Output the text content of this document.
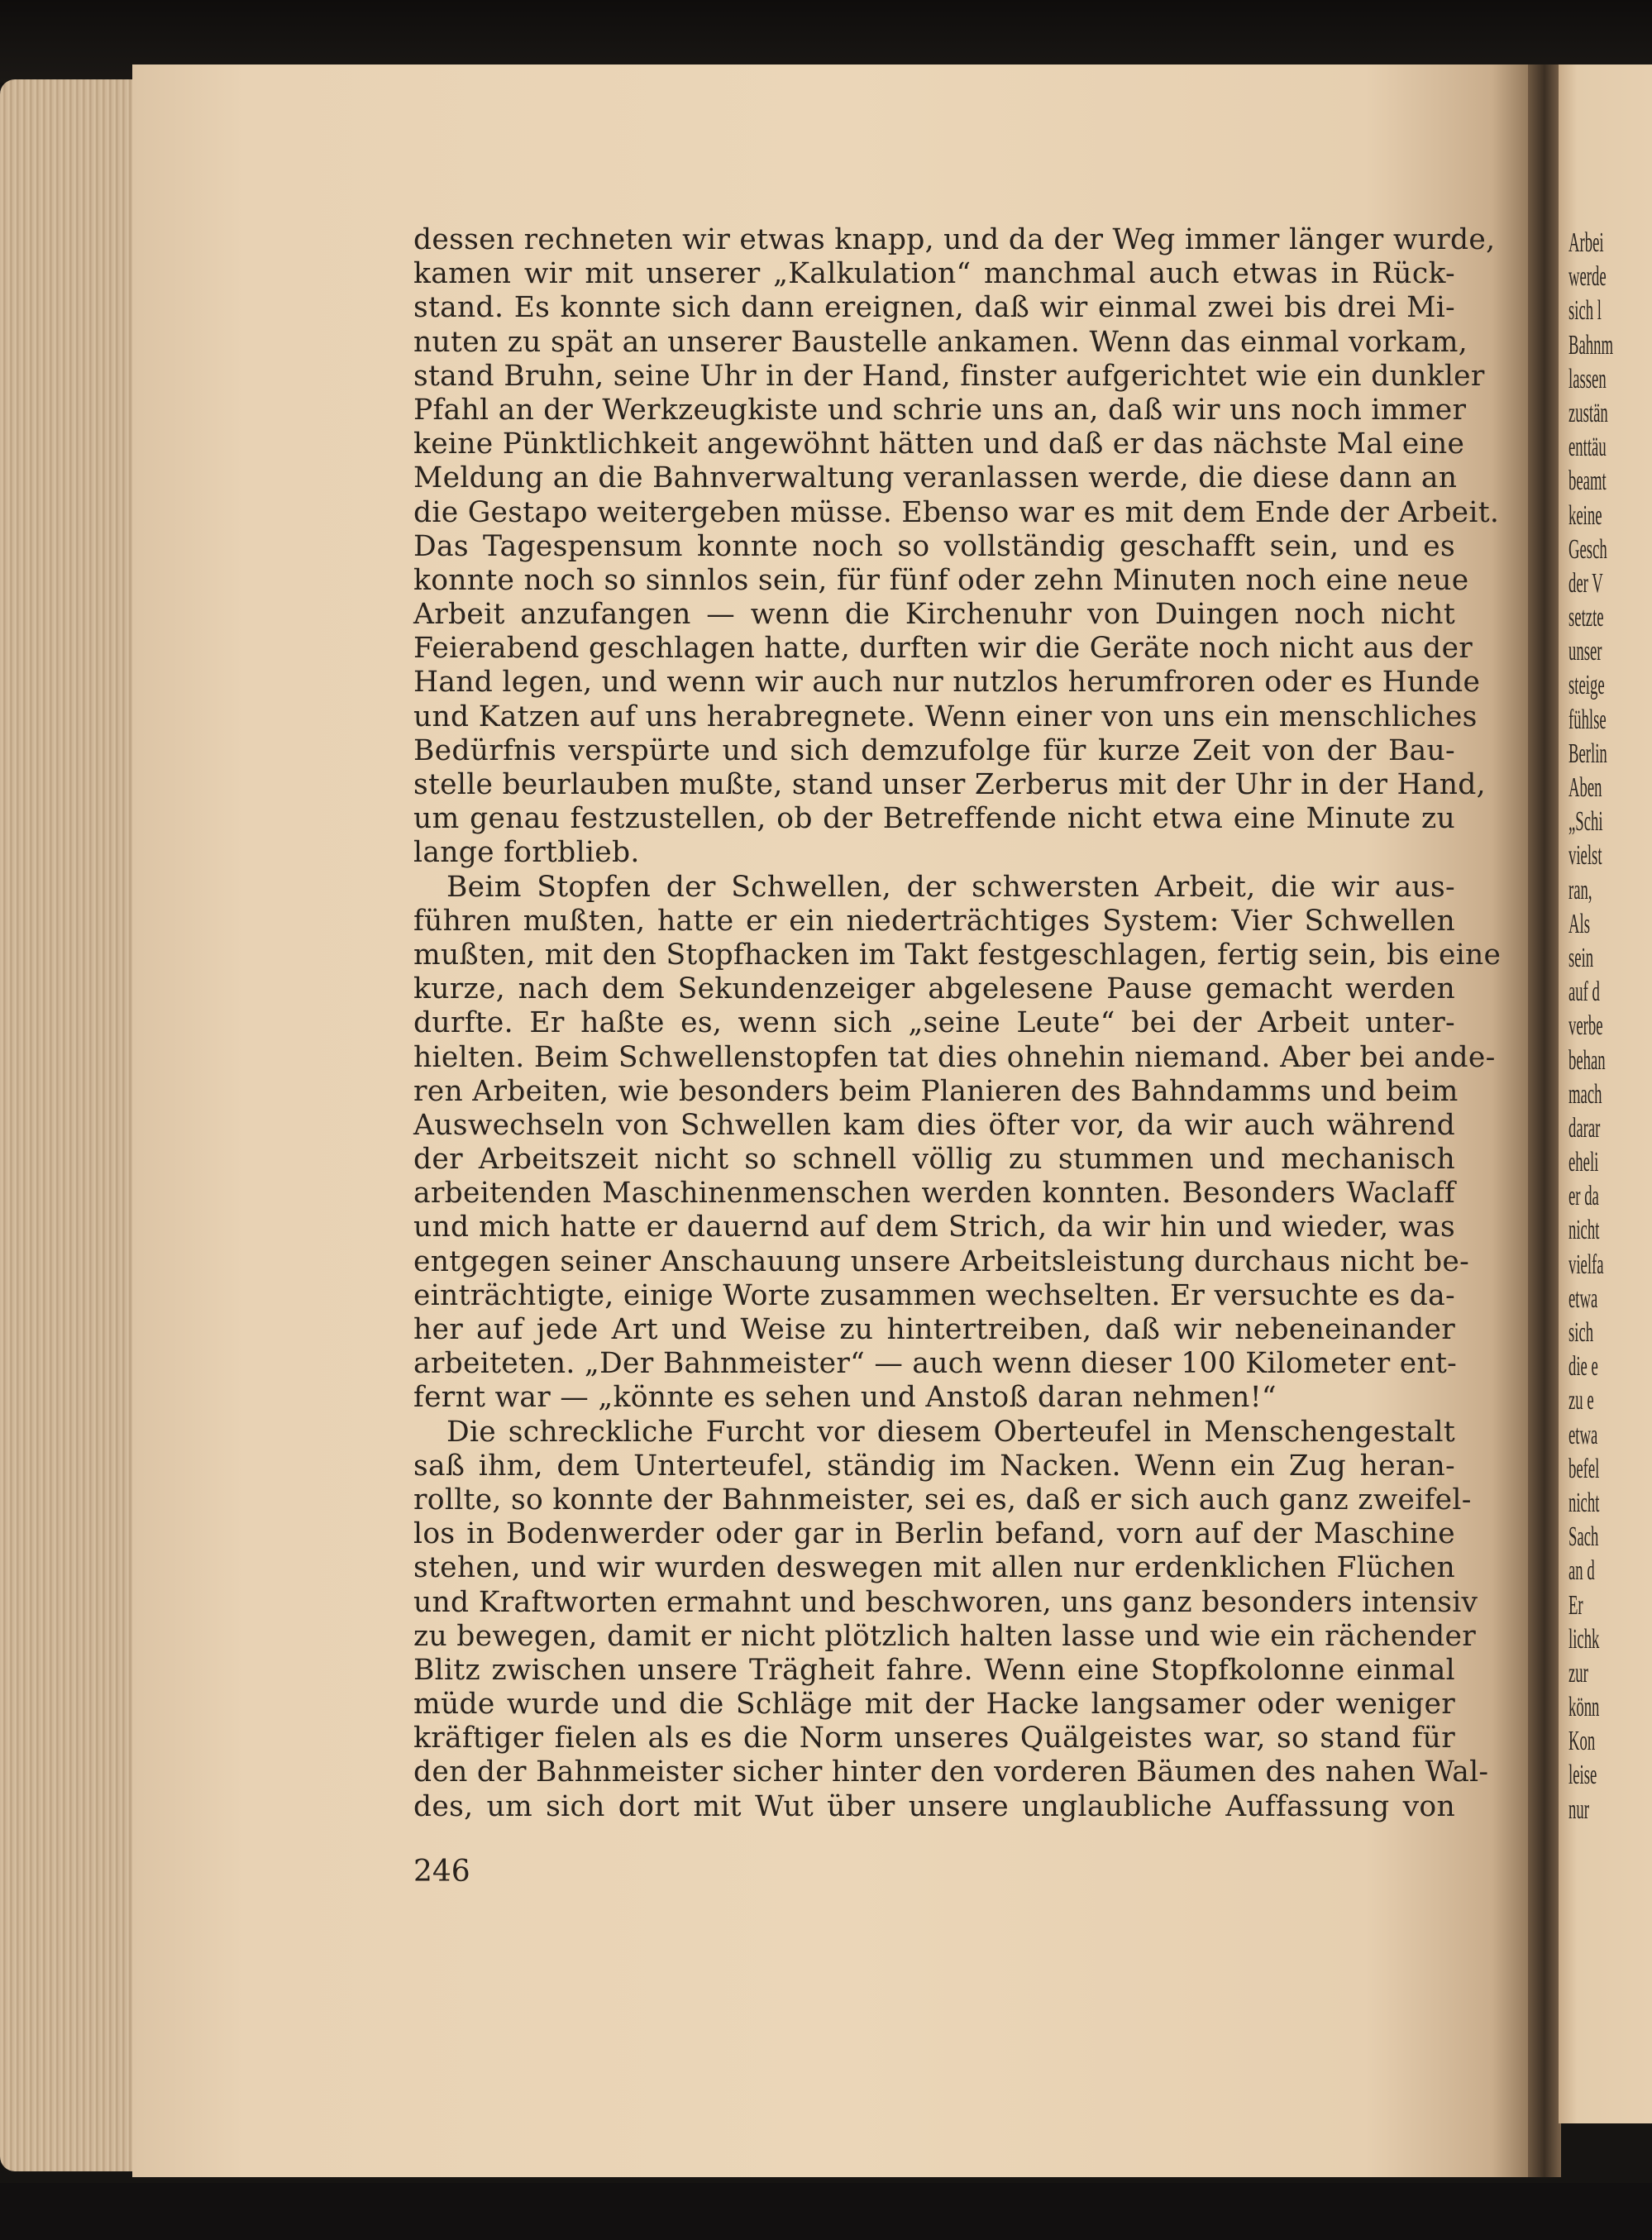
Arbei
werde
sich l
Bahnm
lassen
zustän
enttäu
beamt
keine
Gesch
der V
setzte
unser
steige
fühlse
Berlin
Aben
„Schi
vielst
ran,
Als
sein
auf d
verbe
behan
mach
darar
eheli
er da
nicht
vielfa
etwa
sich
die e
zu e
etwa
befel
nicht
Sach
an d
Er
lichk
zur
könn
Kon
leise
nur
dessen rechneten wir etwas knapp, und da der Weg immer länger wurde,
kamen wir mit unserer „Kalkulation“ manchmal auch etwas in Rück-
stand. Es konnte sich dann ereignen, daß wir einmal zwei bis drei Mi-
nuten zu spät an unserer Baustelle ankamen. Wenn das einmal vorkam,
stand Bruhn, seine Uhr in der Hand, finster aufgerichtet wie ein dunkler
Pfahl an der Werkzeugkiste und schrie uns an, daß wir uns noch immer
keine Pünktlichkeit angewöhnt hätten und daß er das nächste Mal eine
Meldung an die Bahnverwaltung veranlassen werde, die diese dann an
die Gestapo weitergeben müsse. Ebenso war es mit dem Ende der Arbeit.
Das Tagespensum konnte noch so vollständig geschafft sein, und es
konnte noch so sinnlos sein, für fünf oder zehn Minuten noch eine neue
Arbeit anzufangen — wenn die Kirchenuhr von Duingen noch nicht
Feierabend geschlagen hatte, durften wir die Geräte noch nicht aus der
Hand legen, und wenn wir auch nur nutzlos herumfroren oder es Hunde
und Katzen auf uns herabregnete. Wenn einer von uns ein menschliches
Bedürfnis verspürte und sich demzufolge für kurze Zeit von der Bau-
stelle beurlauben mußte, stand unser Zerberus mit der Uhr in der Hand,
um genau festzustellen, ob der Betreffende nicht etwa eine Minute zu
lange fortblieb.
Beim Stopfen der Schwellen, der schwersten Arbeit, die wir aus-
führen mußten, hatte er ein niederträchtiges System: Vier Schwellen
mußten, mit den Stopfhacken im Takt festgeschlagen, fertig sein, bis eine
kurze, nach dem Sekundenzeiger abgelesene Pause gemacht werden
durfte. Er haßte es, wenn sich „seine Leute“ bei der Arbeit unter-
hielten. Beim Schwellenstopfen tat dies ohnehin niemand. Aber bei ande-
ren Arbeiten, wie besonders beim Planieren des Bahndamms und beim
Auswechseln von Schwellen kam dies öfter vor, da wir auch während
der Arbeitszeit nicht so schnell völlig zu stummen und mechanisch
arbeitenden Maschinenmenschen werden konnten. Besonders Waclaff
und mich hatte er dauernd auf dem Strich, da wir hin und wieder, was
entgegen seiner Anschauung unsere Arbeitsleistung durchaus nicht be-
einträchtigte, einige Worte zusammen wechselten. Er versuchte es da-
her auf jede Art und Weise zu hintertreiben, daß wir nebeneinander
arbeiteten. „Der Bahnmeister“ — auch wenn dieser 100 Kilometer ent-
fernt war — „könnte es sehen und Anstoß daran nehmen!“
Die schreckliche Furcht vor diesem Oberteufel in Menschengestalt
saß ihm, dem Unterteufel, ständig im Nacken. Wenn ein Zug heran-
rollte, so konnte der Bahnmeister, sei es, daß er sich auch ganz zweifel-
los in Bodenwerder oder gar in Berlin befand, vorn auf der Maschine
stehen, und wir wurden deswegen mit allen nur erdenklichen Flüchen
und Kraftworten ermahnt und beschworen, uns ganz besonders intensiv
zu bewegen, damit er nicht plötzlich halten lasse und wie ein rächender
Blitz zwischen unsere Trägheit fahre. Wenn eine Stopfkolonne einmal
müde wurde und die Schläge mit der Hacke langsamer oder weniger
kräftiger fielen als es die Norm unseres Quälgeistes war, so stand für
den der Bahnmeister sicher hinter den vorderen Bäumen des nahen Wal-
des, um sich dort mit Wut über unsere unglaubliche Auffassung von
246
